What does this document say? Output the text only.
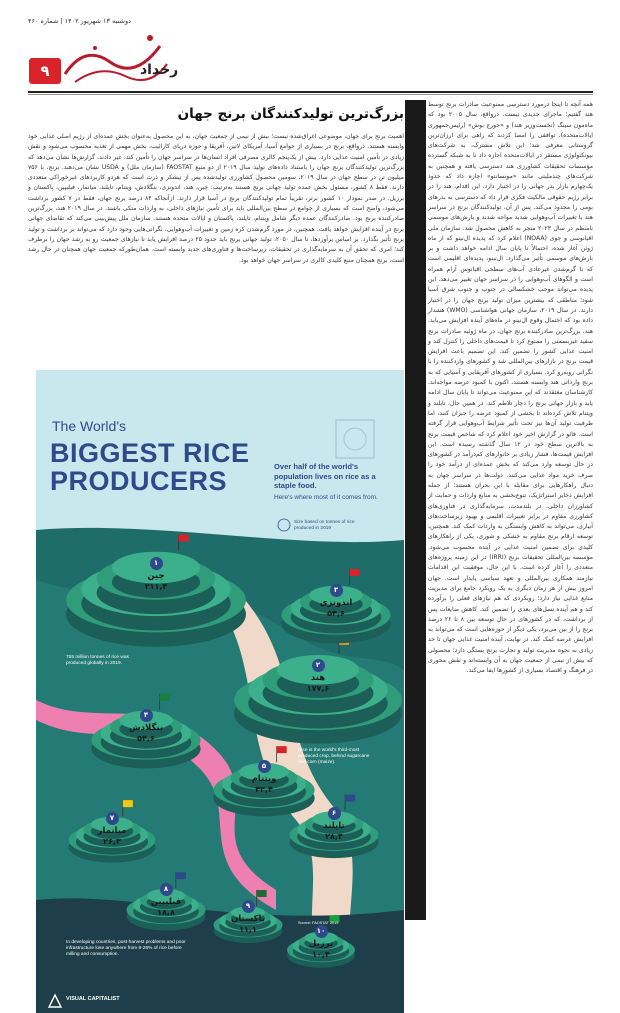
دوشنبه ۱۳ شهریور ۱۴۰۲ | شماره ۴۶۰
۹	رخداد
بزرگ‌ترین تولیدکنندگان برنج جهان
اهمیت برنج برای جهان، موضوعی اغراق‌شده نیست؛ بیش از نیمی از جمعیت جهان، به این محصول به‌عنوان بخش عمده‌ای از رژیم اصلی غذایی خود وابسته هستند. درواقع، برنج در بسیاری از جوامع آسیا، آمریکای لاتین، آفریقا و حوزه دریای کارائیب، بخش مهمی از تغذیه محسوب می‌شود و نقش زیادی در تأمین امنیت غذایی دارد. بیش از یک‌پنجم کالری مصرفی افراد انسان‌ها در سراسر جهان را تأمین کند. غیر دادند. گزارش‌ها نشان می‌دهد که بزرگ‌ترین تولیدکنندگان برنج جهان را باستناد داده‌های تولید سال ۲۰۱۹ از دو منبع FAOSTAT (سازمان ملل) و USDA نشان می‌دهند. برنج، با ۷۵۶ میلیون تن در سطح جهان در سال ۲۰۱۹، سومین محصول کشاورزی تولیدشده پس از نیشکر و ذرت است که هردو کاربردهای غیرخوراکی متعددی دارند. فقط ۸ کشور، مسئول بخش عمده تولید جهانی برنج هستند به‌ترتیب: چین، هند، اندونزی، بنگلادش، ویتنام، تایلند، میانمار، فیلیپین، پاکستان و برزیل. در صدر نمودار ۱۰ کشور برتر، تقریباً تمام تولیدکنندگان برنج در آسیا قرار دارند. ازآنجاکه ۸۴ درصد برنج جهان، فقط در ۷ کشور برداشت می‌شود، واضح است که بسیاری از جوامع در سطح بین‌المللی باید برای تأمین نیازهای داخلی، به واردات متکی باشند. در سال ۲۰۱۹ هند، بزرگ‌ترین صادرکننده برنج بود. صادرکنندگان عمده دیگر شامل ویتنام، تایلند، پاکستان و ایالات متحده هستند. سازمان ملل پیش‌بینی می‌کند که تقاضای جهانی برنج در آینده افزایش خواهد یافت. همچنین، در مورد گرم‌شدن کره زمین و تغییرات آب‌وهوایی، نگرانی‌هایی وجود دارد که می‌تواند بر برداشت و تولید برنج تأثیر بگذارد. بر اساس برآوردها، تا سال ۲۰۵۰، تولید جهانی برنج باید حدود ۲۵ درصد افزایش یابد تا نیازهای جمعیت رو به رشد جهان را برطرف کند؛ امری که تحقق آن به سرمایه‌گذاری در تحقیقات، زیرساخت‌ها و فناوری‌های جدید وابسته است. همان‌طورکه جمعیت جهان همچنان در حال رشد است، برنج همچنان منبع کلیدی کالری در سراسر جهان خواهد بود.
The World's
BIGGEST RICE
PRODUCERS	Over half of the world's population lives on rice as a staple food.
Here's where most of it comes from.
Size based on tonnes of rice produced in 2019
755 million tonnes of rice was produced globally in 2019.
Rice is the world's third-most produced crop, behind sugarcane and corn (maize).
In developing countries, post-harvest problems and poor infrastructure lose anywhere from 8-26% of rice before milling and consumption.
Source: FAOSTAT 2019
۱
چین
۲۱۱,۴
۲
هند
۱۷۷,۶
۳
اندونزی
۵۴,۶
۴
بنگلادش
۵۴,۶
۵
ویتنام
۴۳,۴
۶
تایلند
۲۸,۴
۷
میانمار
۲۶,۳
۸
فیلیپین
۱۸,۸
۹
پاکستان
۱۱,۱	۱۰
برزیل
۱۰,۴
VISUAL CAPITALIST
همه آنچه تا اینجا درمورد دسترسی ممنوعیت صادرات برنج توسط هند گفتیم؛ ماجرای جدیدی نیست. درواقع، سال ۲۰۰۵ بود که ماه‌مون سینگ (نخست‌وزیر هند) و «جورج بوش» (رئیس‌جمهوری ایالات‌متحده)، توافقی را امضا کردند که راهی برای ارزان‌ترین گروستانی معرفی شد؛ این تلاش مشترک، به شرکت‌های بیوتکنولوژی مستقر در ایالات‌متحده اجازه داد تا به شبکه گسترده مؤسسات تحقیقات کشاورزی هند دسترسی یافته و همچنین به شرکت‌های چندملیتی مانند «مونسانتو» اجازه داد که حدود یک‌چهارم بازار بذر جهانی را در اختیار دارد. این اقدام، هند را در برابر رژیم حقوقی مالکیت فکری قرار داد که دسترسی به بذرهای بومی را محدود می‌کند. پس از آن، تولیدکنندگان برنج در سراسر هند با تغییرات آب‌وهوایی شدید مواجه شدند و بارش‌های موسمی نامنظم در سال ۲۰۲۳ منجر به کاهش محصول شد. سازمان ملی اقیانوسی و جوی (NOAA) اعلام کرد که پدیده ال‌نینو که از ماه ژوئن آغاز شده، احتمالاً تا پایان سال ادامه خواهد داشت و بر بارش‌های موسمی تأثیر می‌گذارد. ال‌نینو، پدیده‌ای اقلیمی است که با گرم‌شدن غیرعادی آب‌های سطحی اقیانوس آرام همراه است و الگوهای آب‌وهوایی را در سراسر جهان تغییر می‌دهد. این پدیده می‌تواند موجب خشکسالی در جنوب و جنوب شرق آسیا شود؛ مناطقی که بیشترین میزان تولید برنج جهان را در اختیار دارند. در سال ۲۰۱۹، سازمان جهانی هواشناسی (WMO) هشدار داده بود که احتمال وقوع ال‌نینو در ماه‌های آینده افزایش می‌یابد. هند، بزرگ‌ترین صادرکننده برنج جهان، در ماه ژوئیه صادرات برنج سفید غیربسمتی را ممنوع کرد تا قیمت‌های داخلی را کنترل کند و امنیت غذایی کشور را تضمین کند. این تصمیم باعث افزایش قیمت برنج در بازارهای بین‌المللی شد و کشورهای واردکننده را با نگرانی روبه‌رو کرد. بسیاری از کشورهای آفریقایی و آسیایی که به برنج وارداتی هند وابسته هستند، اکنون با کمبود عرضه مواجه‌اند. کارشناسان معتقدند که این ممنوعیت می‌تواند تا پایان سال ادامه یابد و بازار جهانی برنج را دچار تلاطم کند. در همین حال، تایلند و ویتنام تلاش کرده‌اند تا بخشی از کمبود عرضه را جبران کنند، اما ظرفیت تولید آن‌ها نیز تحت تأثیر شرایط آب‌وهوایی قرار گرفته است. فائو در گزارش اخیر خود اعلام کرد که شاخص قیمت برنج به بالاترین سطح خود در ۱۲ سال گذشته رسیده است. این افزایش قیمت‌ها، فشار زیادی بر خانوارهای کم‌درآمد در کشورهای در حال توسعه وارد می‌کند که بخش عمده‌ای از درآمد خود را صرف خرید مواد غذایی می‌کنند. دولت‌ها در سراسر جهان به دنبال راهکارهایی برای مقابله با این بحران هستند؛ از جمله افزایش ذخایر استراتژیک، تنوع‌بخشی به منابع واردات و حمایت از کشاورزان داخلی. در بلندمدت، سرمایه‌گذاری در فناوری‌های کشاورزی مقاوم در برابر تغییرات اقلیمی و بهبود زیرساخت‌های آبیاری، می‌تواند به کاهش وابستگی به واردات کمک کند. همچنین، توسعه ارقام برنج مقاوم به خشکی و شوری، یکی از راهکارهای کلیدی برای تضمین امنیت غذایی در آینده محسوب می‌شود. مؤسسه بین‌المللی تحقیقات برنج (IRRI) در این زمینه پروژه‌های متعددی را آغاز کرده است. با این حال، موفقیت این اقدامات نیازمند همکاری بین‌المللی و تعهد سیاسی پایدار است. جهان امروز بیش از هر زمان دیگری به یک رویکرد جامع برای مدیریت منابع غذایی نیاز دارد؛ رویکردی که هم نیازهای فعلی را برآورده کند و هم آینده نسل‌های بعدی را تضمین کند. کاهش ضایعات پس از برداشت، که در کشورهای در حال توسعه بین ۸ تا ۲۶ درصد برنج را از بین می‌برد، یکی دیگر از حوزه‌هایی است که می‌تواند به افزایش عرضه کمک کند. در نهایت، آینده امنیت غذایی جهان تا حد زیادی به نحوه مدیریت تولید و تجارت برنج بستگی دارد؛ محصولی که بیش از نیمی از جمعیت جهان به آن وابسته‌اند و نقش محوری در فرهنگ و اقتصاد بسیاری از کشورها ایفا می‌کند.
